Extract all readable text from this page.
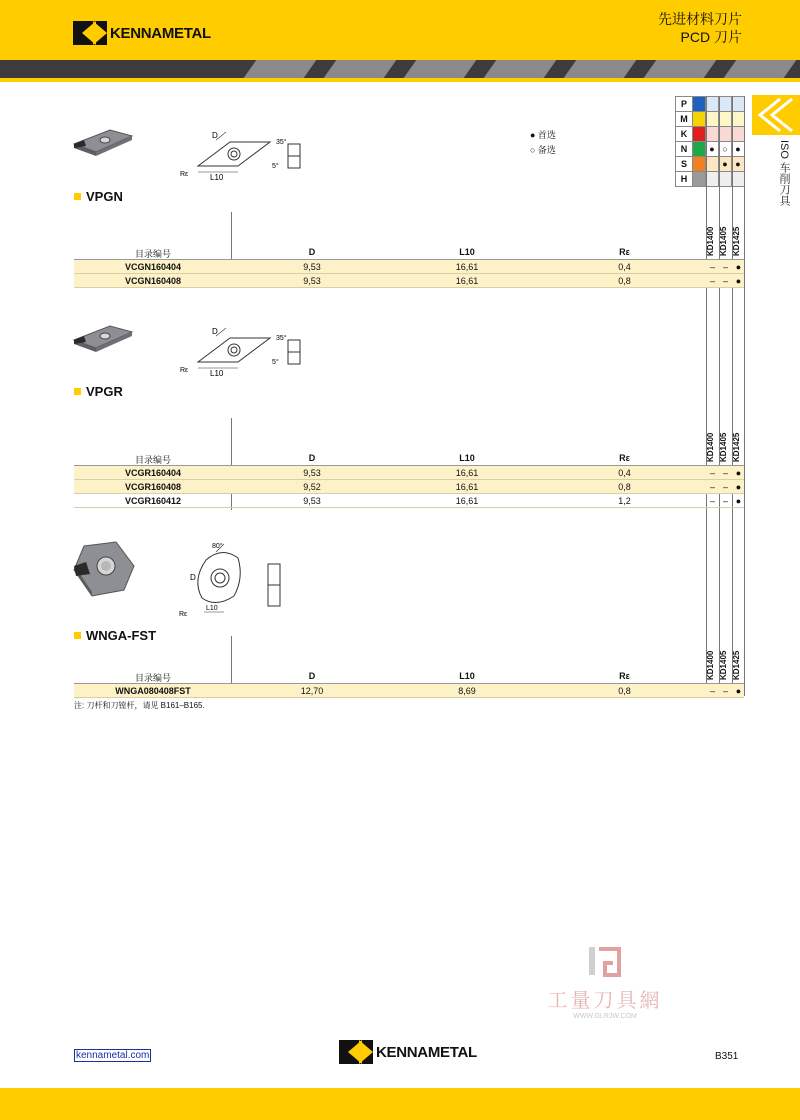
KENNAMETAL
先进材料刀片
PCD 刀片
ISO 车削刀具
P				
M				
K				
N		●	○	●
S			●	●
H				
● 首选
○ 备选
D
L10
Rε
35°
5°
VPGN
KD1400 KD1405 KD1425
目录编号	D	L10	Rε
VCGN160404	9,53	16,61	0,4	– – ●
VCGN160408	9,53	16,61	0,8	– – ●
D
L10
Rε
35°
5°
VPGR
KD1400 KD1405 KD1425
目录编号	D	L10	Rε
VCGR160404	9,53	16,61	0,4	– – ●
VCGR160408	9,52	16,61	0,8	– – ●
VCGR160412	9,53	16,61	1,2	– – ●
80°
D
L10
Rε
WNGA-FST
KD1400 KD1405 KD1425
目录编号	D	L10	Rε
WNGA080408FST	12,70	8,69	0,8	– – ●
注: 刀杆和刀镗杆，请见 B161–B165.
工量刀具網
WWW.GLRJW.COM
kennametal.com	KENNAMETAL	B351
